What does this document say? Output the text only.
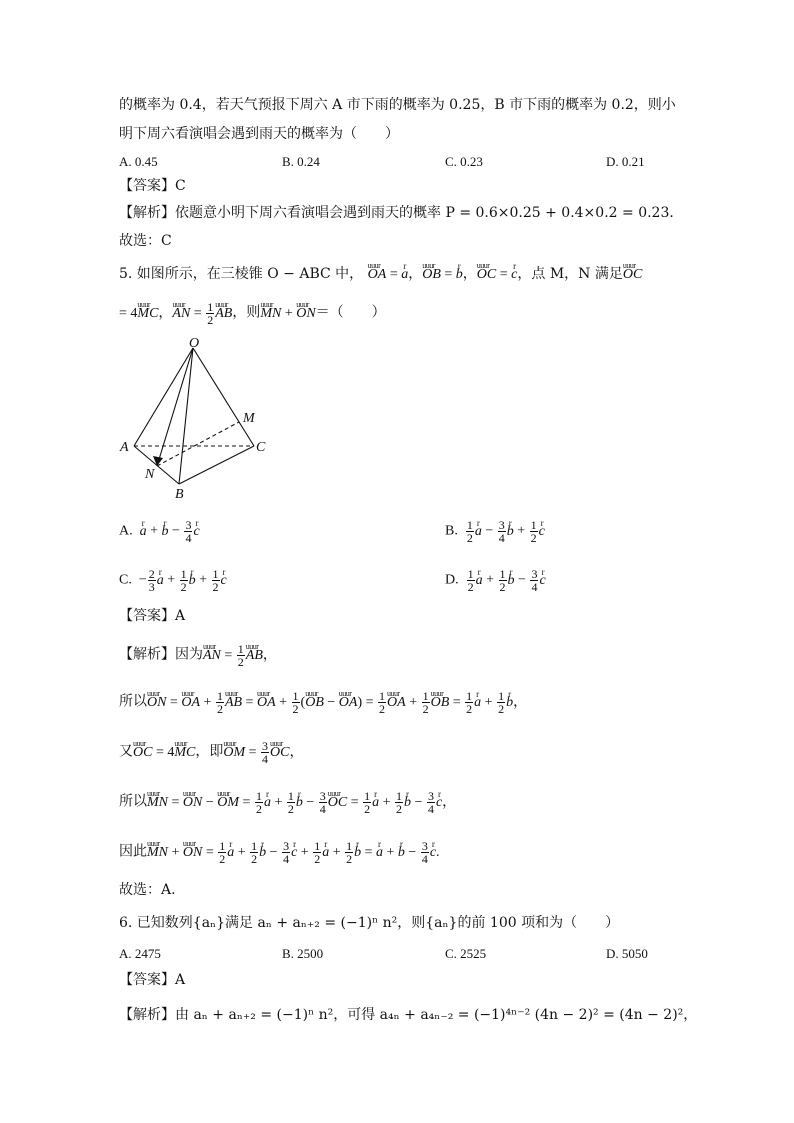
的概率为 0.4，若天气预报下周六 A 市下雨的概率为 0.25，B 市下雨的概率为 0.2，则小
明下周六看演唱会遇到雨天的概率为（　　）
A. 0.45	B. 0.24	C. 0.23	D. 0.21
【答案】C
【解析】依题意小明下周六看演唱会遇到雨天的概率 P = 0.6×0.25 + 0.4×0.2 = 0.23．
故选：C
5. 如图所示，在三棱锥 O − ABC 中， uuur OA = r a，uuur OB = r b，uuur OC = r c，点 M，N 满足uuur OC
= 4uuur MC，uuur AN = $\frac{1}{2}$ uuur AB，则uuur MN + uuur ON＝（　　）
O
M
A	C
N
B
A.  r a + r $b - \frac{3}{4}$ r c	B. $\frac{1}{2}$ r $a - \frac{3}{4}$ r $b + \frac{1}{2}$ r c
C.  − $\frac{2}{3}$ r $a + \frac{1}{2}$ r $b + \frac{1}{2}$ r c	D. $\frac{1}{2}$ r $a + \frac{1}{2}$ r $b - \frac{3}{4}$ r c
【答案】A
【解析】因为uuur AN = $\frac{1}{2}$ uuur AB，
所以uuur ON = uuur OA + $\frac{1}{2}$ uuur AB = uuur OA + $\frac{1}{2}$ (uuur OB − uuur $OA) = \frac{1}{2}$ uuur OA + $\frac{1}{2}$ uuur OB = $\frac{1}{2}$ r $a + \frac{1}{2}$ r b，
又uuur OC = 4uuur MC，即uuur OM = $\frac{3}{4}$ uuur OC，
所以uuur MN = uuur ON − uuur OM = $\frac{1}{2}$ r $a + \frac{1}{2}$ r $b - \frac{3}{4}$ uuur OC = $\frac{1}{2}$ r $a + \frac{1}{2}$ r $b - \frac{3}{4}$ r c，
因此uuur MN + uuur ON = $\frac{1}{2}$ r $a + \frac{1}{2}$ r $b - \frac{3}{4}$ r $c + \frac{1}{2}$ r $a + \frac{1}{2}$ r b = r a + r $b - \frac{3}{4}$ r c.
故选：A.
6. 已知数列{aₙ}满足 aₙ + aₙ₊₂ = (−1)ⁿ n²，则{aₙ}的前 100 项和为（　　）
A. 2475	B. 2500	C. 2525	D. 5050
【答案】A
【解析】由 aₙ + aₙ₊₂ = (−1)ⁿ n²，可得 a₄ₙ + a₄ₙ₋₂ = (−1)⁴ⁿ⁻² (4n − 2)² = (4n − 2)²，
